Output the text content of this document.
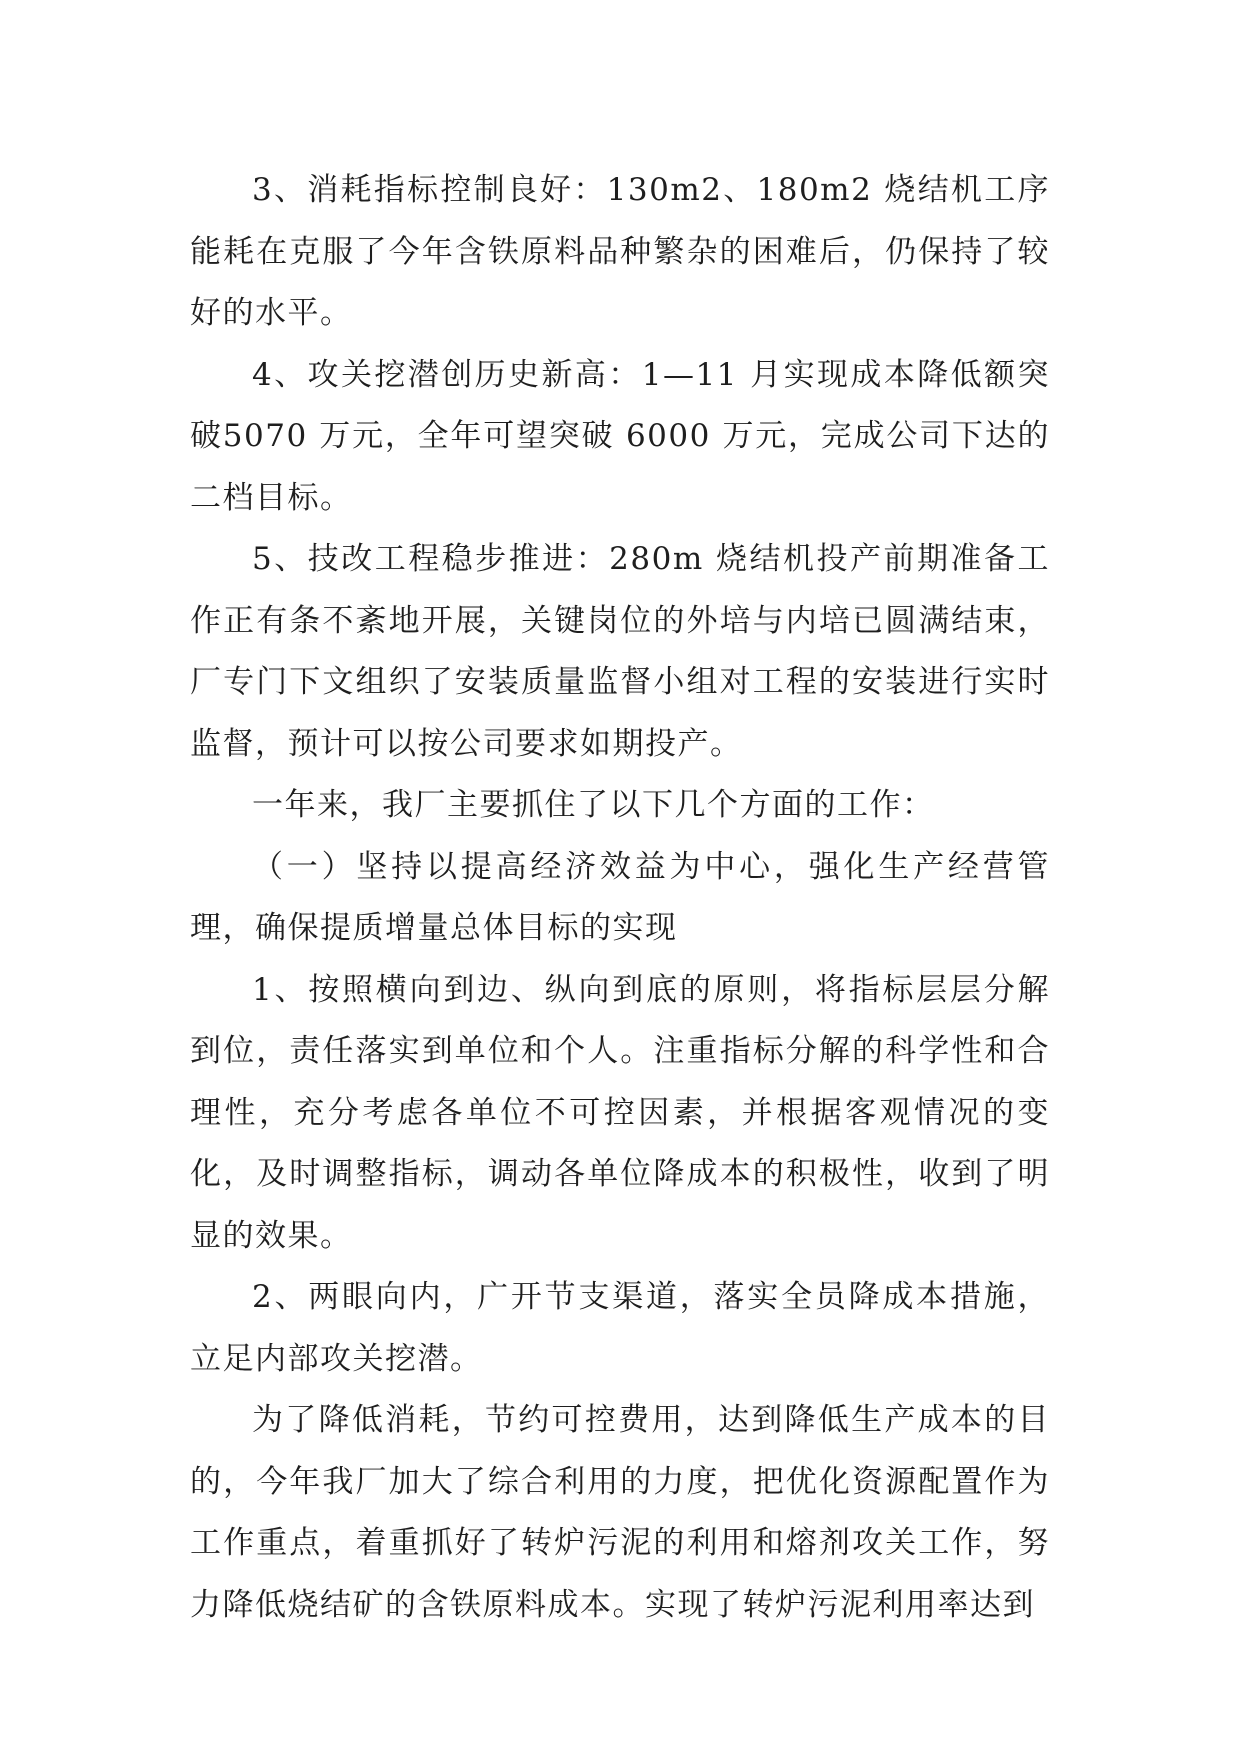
3、消耗指标控制良好：130m2、180m2 烧结机工序能耗在克服了今年含铁原料品种繁杂的困难后，仍保持了较好的水平。

4、攻关挖潜创历史新高：1—11 月实现成本降低额突破5070 万元，全年可望突破 6000 万元，完成公司下达的二档目标。

5、技改工程稳步推进：280m 烧结机投产前期准备工作正有条不紊地开展，关键岗位的外培与内培已圆满结束，厂专门下文组织了安装质量监督小组对工程的安装进行实时监督，预计可以按公司要求如期投产。

一年来，我厂主要抓住了以下几个方面的工作：

（一）坚持以提高经济效益为中心，强化生产经营管理，确保提质增量总体目标的实现

1、按照横向到边、纵向到底的原则，将指标层层分解到位，责任落实到单位和个人。注重指标分解的科学性和合理性，充分考虑各单位不可控因素，并根据客观情况的变化，及时调整指标，调动各单位降成本的积极性，收到了明显的效果。

2、两眼向内，广开节支渠道，落实全员降成本措施，立足内部攻关挖潜。

为了降低消耗，节约可控费用，达到降低生产成本的目的，今年我厂加大了综合利用的力度，把优化资源配置作为工作重点，着重抓好了转炉污泥的利用和熔剂攻关工作，努力降低烧结矿的含铁原料成本。实现了转炉污泥利用率达到
